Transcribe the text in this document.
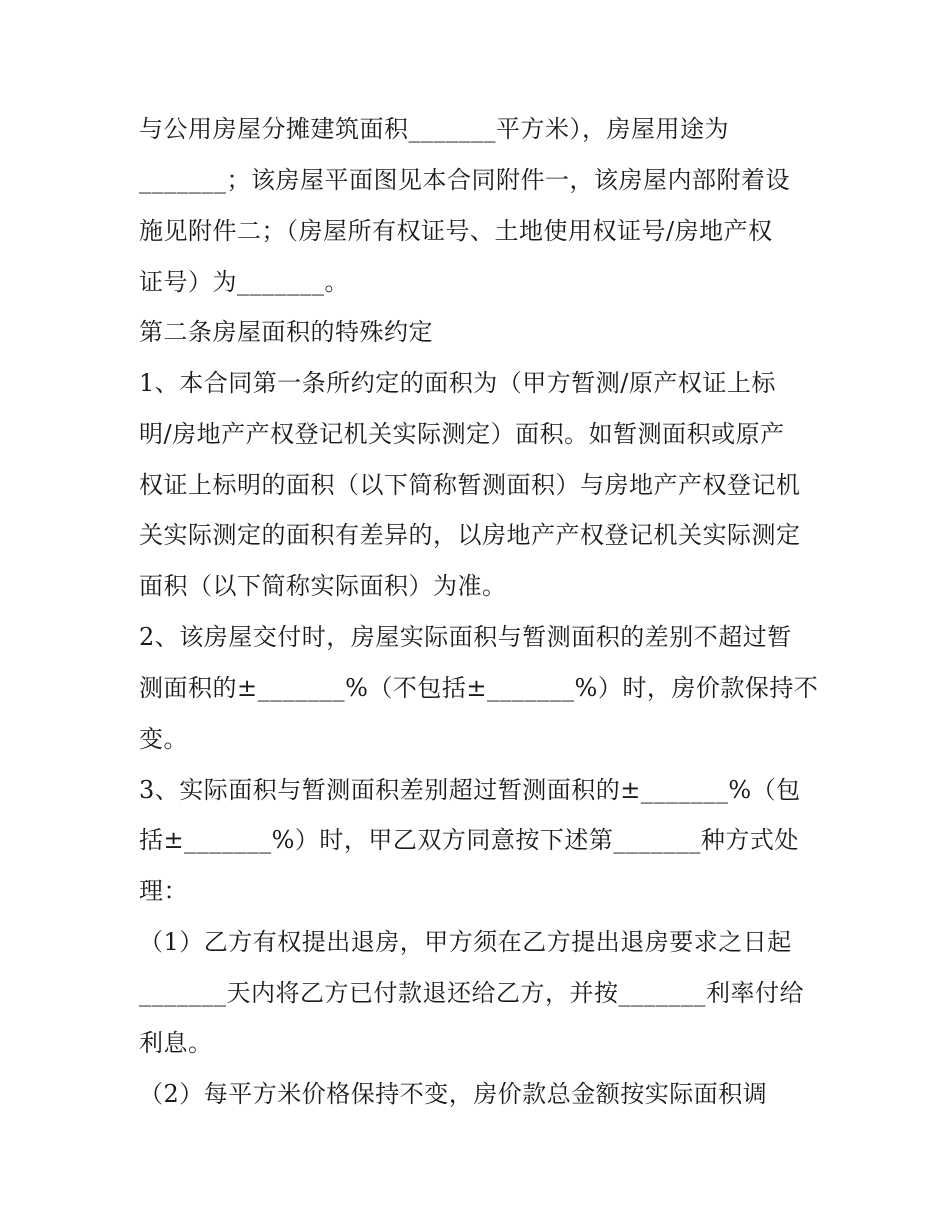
与公用房屋分摊建筑面积_______平方米），房屋用途为
_______；该房屋平面图见本合同附件一，该房屋内部附着设
施见附件二；（房屋所有权证号、土地使用权证号/房地产权
证号）为_______。
第二条房屋面积的特殊约定
1、本合同第一条所约定的面积为（甲方暂测/原产权证上标
明/房地产产权登记机关实际测定）面积。如暂测面积或原产
权证上标明的面积（以下简称暂测面积）与房地产产权登记机
关实际测定的面积有差异的，以房地产产权登记机关实际测定
面积（以下简称实际面积）为准。
2、该房屋交付时，房屋实际面积与暂测面积的差别不超过暂
测面积的±_______%（不包括±_______%）时，房价款保持不
变。
3、实际面积与暂测面积差别超过暂测面积的±_______%（包
括±_______%）时，甲乙双方同意按下述第_______种方式处
理：
（1）乙方有权提出退房，甲方须在乙方提出退房要求之日起
_______天内将乙方已付款退还给乙方，并按_______利率付给
利息。
（2）每平方米价格保持不变，房价款总金额按实际面积调
